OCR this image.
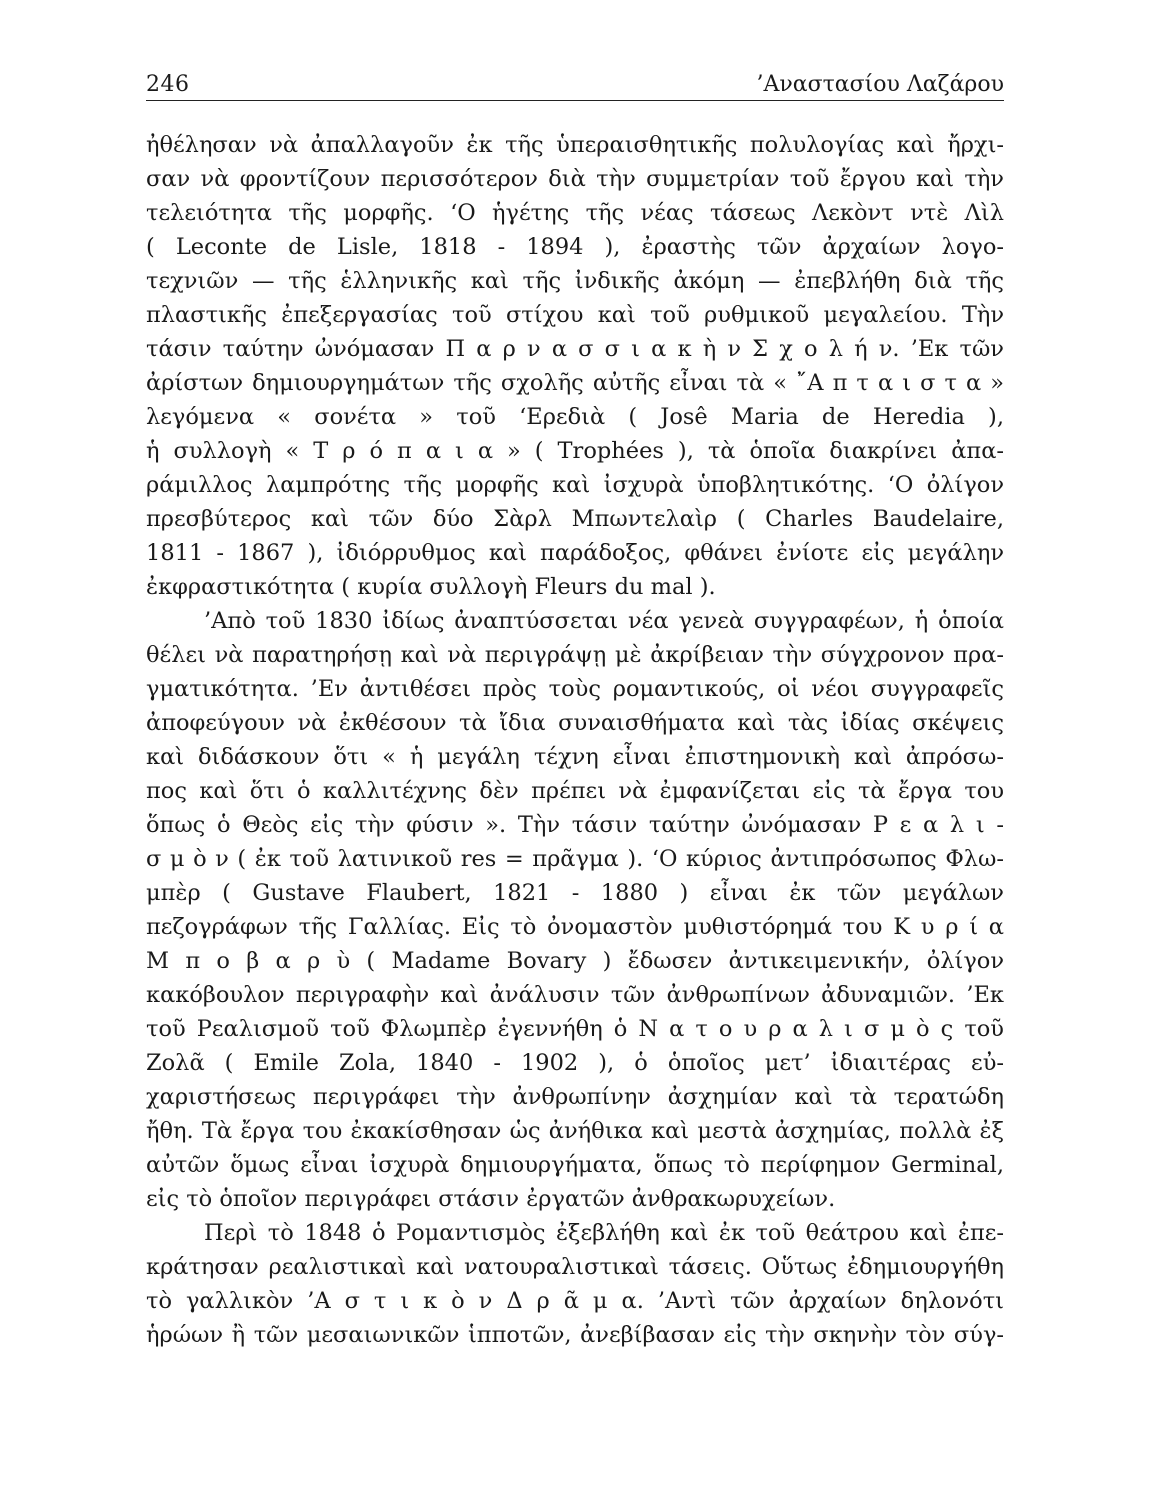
246	’Αναστασίου Λαζάρου
ἠθέλησαν νὰ ἀπαλλαγοῦν ἐκ τῆς ὑπεραισθητικῆς πολυλογίας καὶ ἤρχι-
σαν νὰ φροντίζουν περισσότερον διὰ τὴν συμμετρίαν τοῦ ἔργου καὶ τὴν
τελειότητα τῆς μορφῆς. ‘Ο ἡγέτης τῆς νέας τάσεως Λεκὸντ ντὲ Λὶλ
( Leconte de Lisle, 1818 - 1894 ), ἐραστὴς τῶν ἀρχαίων λογο-
τεχνιῶν — τῆς ἑλληνικῆς καὶ τῆς ἰνδικῆς ἀκόμη — ἐπεβλήθη διὰ τῆς
πλαστικῆς ἐπεξεργασίας τοῦ στίχου καὶ τοῦ ρυθμικοῦ μεγαλείου. Τὴν
τάσιν ταύτην ὠνόμασαν Π α ρ ν α σ σ ι α κ ὴ ν Σ χ ο λ ή ν. ’Εκ τῶν
ἀρίστων δημιουργημάτων τῆς σχολῆς αὐτῆς εἶναι τὰ « ῎Α π τ α ι σ τ α »
λεγόμενα « σονέτα » τοῦ ‘Ερεδιὰ ( Josê Maria de Heredia ),
ἡ συλλογὴ « Τ ρ ό π α ι α » ( Trophées ), τὰ ὁποῖα διακρίνει ἀπα-
ράμιλλος λαμπρότης τῆς μορφῆς καὶ ἰσχυρὰ ὑποβλητικότης. ‘Ο ὀλίγον
πρεσβύτερος καὶ τῶν δύο Σὰρλ Μπωντελαὶρ ( Charles Baudelaire,
1811 - 1867 ), ἰδιόρρυθμος καὶ παράδοξος, φθάνει ἐνίοτε εἰς μεγάλην
ἐκφραστικότητα ( κυρία συλλογὴ Fleurs du mal ).
’Απὸ τοῦ 1830 ἰδίως ἀναπτύσσεται νέα γενεὰ συγγραφέων, ἡ ὁποία
θέλει νὰ παρατηρήσῃ καὶ νὰ περιγράψῃ μὲ ἀκρίβειαν τὴν σύγχρονον πρα-
γματικότητα. ’Εν ἀντιθέσει πρὸς τοὺς ρομαντικούς, οἱ νέοι συγγραφεῖς
ἀποφεύγουν νὰ ἐκθέσουν τὰ ἴδια συναισθήματα καὶ τὰς ἰδίας σκέψεις
καὶ διδάσκουν ὅτι « ἡ μεγάλη τέχνη εἶναι ἐπιστημονικὴ καὶ ἀπρόσω-
πος καὶ ὅτι ὁ καλλιτέχνης δὲν πρέπει νὰ ἐμφανίζεται εἰς τὰ ἔργα του
ὅπως ὁ Θεὸς εἰς τὴν φύσιν ». Τὴν τάσιν ταύτην ὠνόμασαν Ρ ε α λ ι -
σ μ ὸ ν ( ἐκ τοῦ λατινικοῦ res = πρᾶγμα ). ‘Ο κύριος ἀντιπρόσωπος Φλω-
μπὲρ ( Gustave Flaubert, 1821 - 1880 ) εἶναι ἐκ τῶν μεγάλων
πεζογράφων τῆς Γαλλίας. Εἰς τὸ ὀνομαστὸν μυθιστόρημά του Κ υ ρ ί α
Μ π ο β α ρ ὺ ( Madame Bovary ) ἔδωσεν ἀντικειμενικήν, ὀλίγον
κακόβουλον περιγραφὴν καὶ ἀνάλυσιν τῶν ἀνθρωπίνων ἀδυναμιῶν. ’Εκ
τοῦ Ρεαλισμοῦ τοῦ Φλωμπὲρ ἐγεννήθη ὁ Ν α τ ο υ ρ α λ ι σ μ ὸ ς τοῦ
Ζολᾶ ( Emile Zola, 1840 - 1902 ), ὁ ὁποῖος μετ’ ἰδιαιτέρας εὐ-
χαριστήσεως περιγράφει τὴν ἀνθρωπίνην ἀσχημίαν καὶ τὰ τερατώδη
ἤθη. Τὰ ἔργα του ἐκακίσθησαν ὡς ἀνήθικα καὶ μεστὰ ἀσχημίας, πολλὰ ἐξ
αὐτῶν ὅμως εἶναι ἰσχυρὰ δημιουργήματα, ὅπως τὸ περίφημον Germinal,
εἰς τὸ ὁποῖον περιγράφει στάσιν ἐργατῶν ἀνθρακωρυχείων.
Περὶ τὸ 1848 ὁ Ρομαντισμὸς ἐξεβλήθη καὶ ἐκ τοῦ θεάτρου καὶ ἐπε-
κράτησαν ρεαλιστικαὶ καὶ νατουραλιστικαὶ τάσεις. Οὕτως ἐδημιουργήθη
τὸ γαλλικὸν ’Α σ τ ι κ ὸ ν Δ ρ ᾶ μ α. ’Αντὶ τῶν ἀρχαίων δηλονότι
ἡρώων ἢ τῶν μεσαιωνικῶν ἱπποτῶν, ἀνεβίβασαν εἰς τὴν σκηνὴν τὸν σύγ-
